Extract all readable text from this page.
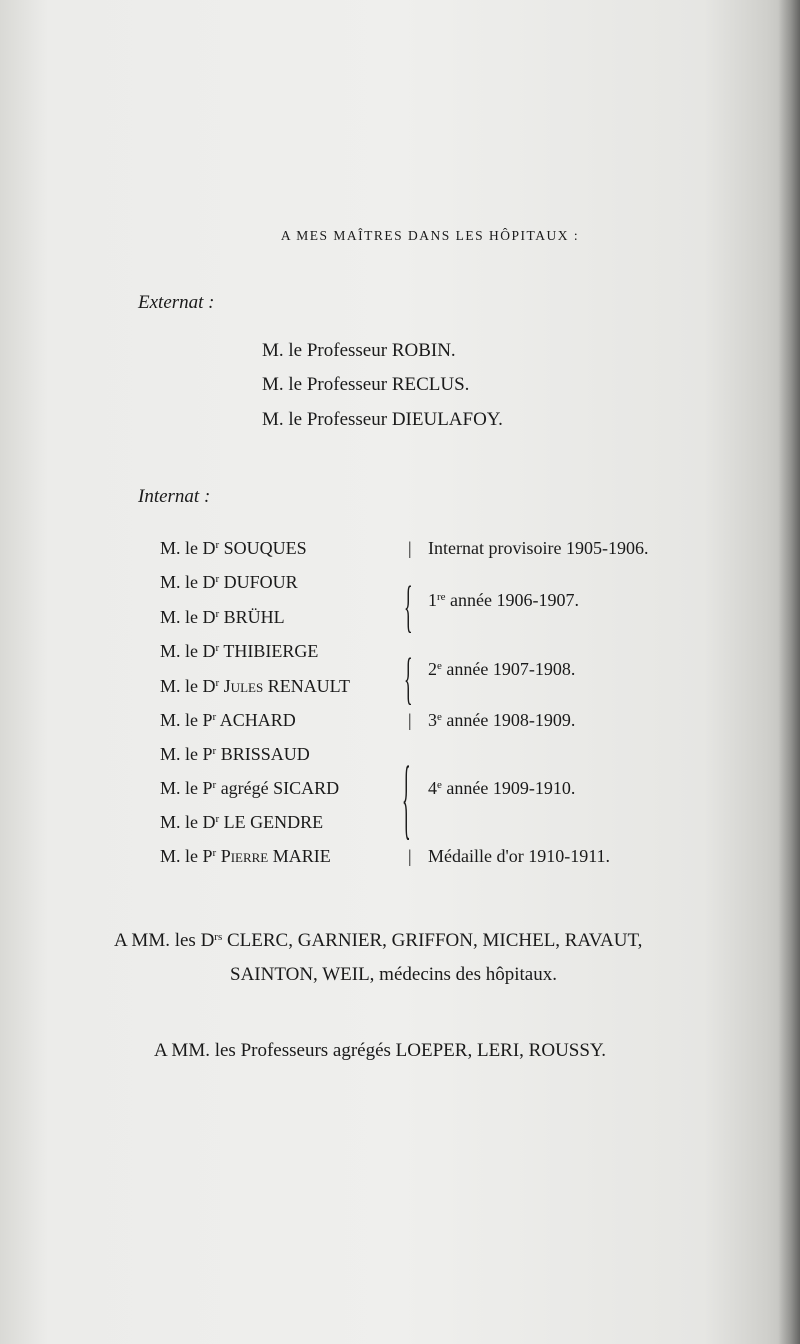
A MES MAÎTRES DANS LES HÔPITAUX :
Externat :
M. le Professeur ROBIN.
M. le Professeur RECLUS.
M. le Professeur DIEULAFOY.
Internat :
M. le $D^r$ SOUQUES
M. le $D^r$ DUFOUR
M. le $D^r$ BRÜHL
M. le $D^r$ THIBIERGE
M. le $D^r$ Jules RENAULT
M. le $P^r$ ACHARD
M. le $P^r$ BRISSAUD
M. le $P^r$ agrégé SICARD
M. le $D^r$ LE GENDRE
M. le $P^r$ Pierre MARIE
|
{
{
|
{
|
Internat provisoire 1905-1906.
1re année 1906-1907.
2e année 1907-1908.
3e année 1908-1909.
4e année 1909-1910.
Médaille d'or 1910-1911.
A MM. les $D^{rs}$ CLERC, GARNIER, GRIFFON, MICHEL, RAVAUT,
SAINTON, WEIL, médecins des hôpitaux.
A MM. les Professeurs agrégés LOEPER, LERI, ROUSSY.
